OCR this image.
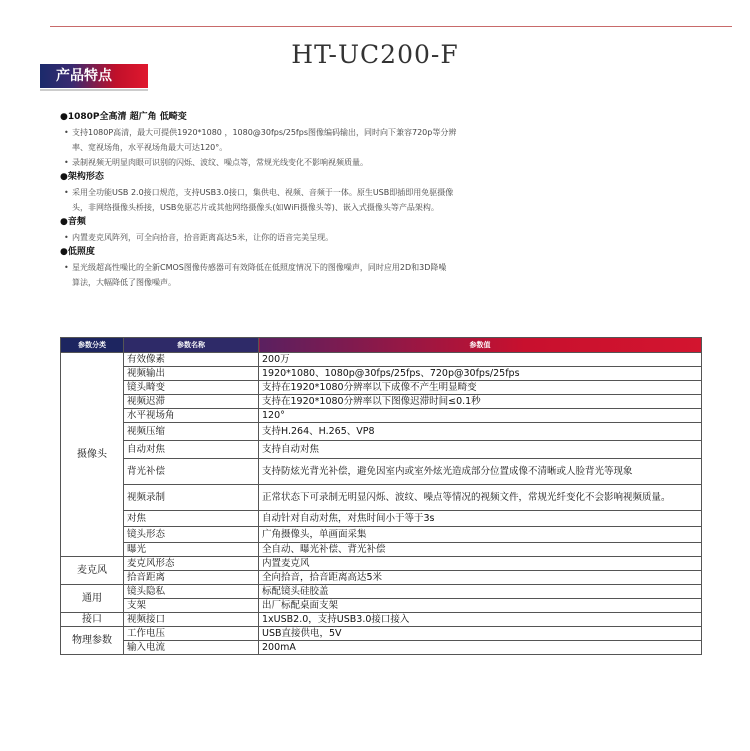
HT-UC200-F
产品特点
●1080P全高清 超广角 低畸变
• 支持1080P高清，最大可提供1920*1080 ，1080@30fps/25fps图像编码输出，同时向下兼容720p等分辨
率、宽视场角，水平视场角最大可达120°。
• 录制视频无明显肉眼可识别的闪烁、波纹、噪点等，常规光线变化不影响视频质量。
●架构形态
• 采用全功能USB 2.0接口规范，支持USB3.0接口，集供电、视频、音频于一体。原生USB即插即用免驱摄像
头，非网络摄像头桥接，USB免驱芯片或其他网络摄像头(如WiFi摄像头等)、嵌入式摄像头等产品架构。
●音频
• 内置麦克风阵列，可全向拾音，拾音距离高达5米，让你的语音完美呈现。
●低照度
• 星光级超高性噪比的全新CMOS图像传感器可有效降低在低照度情况下的图像噪声，同时应用2D和3D降噪
算法，大幅降低了图像噪声。
参数分类	参数名称	参数值
摄像头	有效像素	200万
	视频输出	1920*1080、1080p@30fps/25fps、720p@30fps/25fps
	镜头畸变	支持在1920*1080分辨率以下成像不产生明显畸变
	视频迟滞	支持在1920*1080分辨率以下图像迟滞时间≤0.1秒
	水平视场角	120°
	视频压缩	支持H.264、H.265、VP8
	自动对焦	支持自动对焦
	背光补偿	支持防炫光背光补偿，避免因室内或室外炫光造成部分位置成像不清晰或人脸背光等现象
	视频录制	正常状态下可录制无明显闪烁、波纹、噪点等情况的视频文件，常规光纤变化不会影响视频质量。
	对焦	自动针对自动对焦，对焦时间小于等于3s
	镜头形态	广角摄像头，单画面采集
	曝光	全自动、曝光补偿、背光补偿
麦克风	麦克风形态	内置麦克风
	拾音距离	全向拾音，拾音距离高达5米
通用	镜头隐私	标配镜头硅胶盖
	支架	出厂标配桌面支架
接口	视频接口	1xUSB2.0，支持USB3.0接口接入
物理参数	工作电压	USB直接供电，5V
	输入电流	200mA
